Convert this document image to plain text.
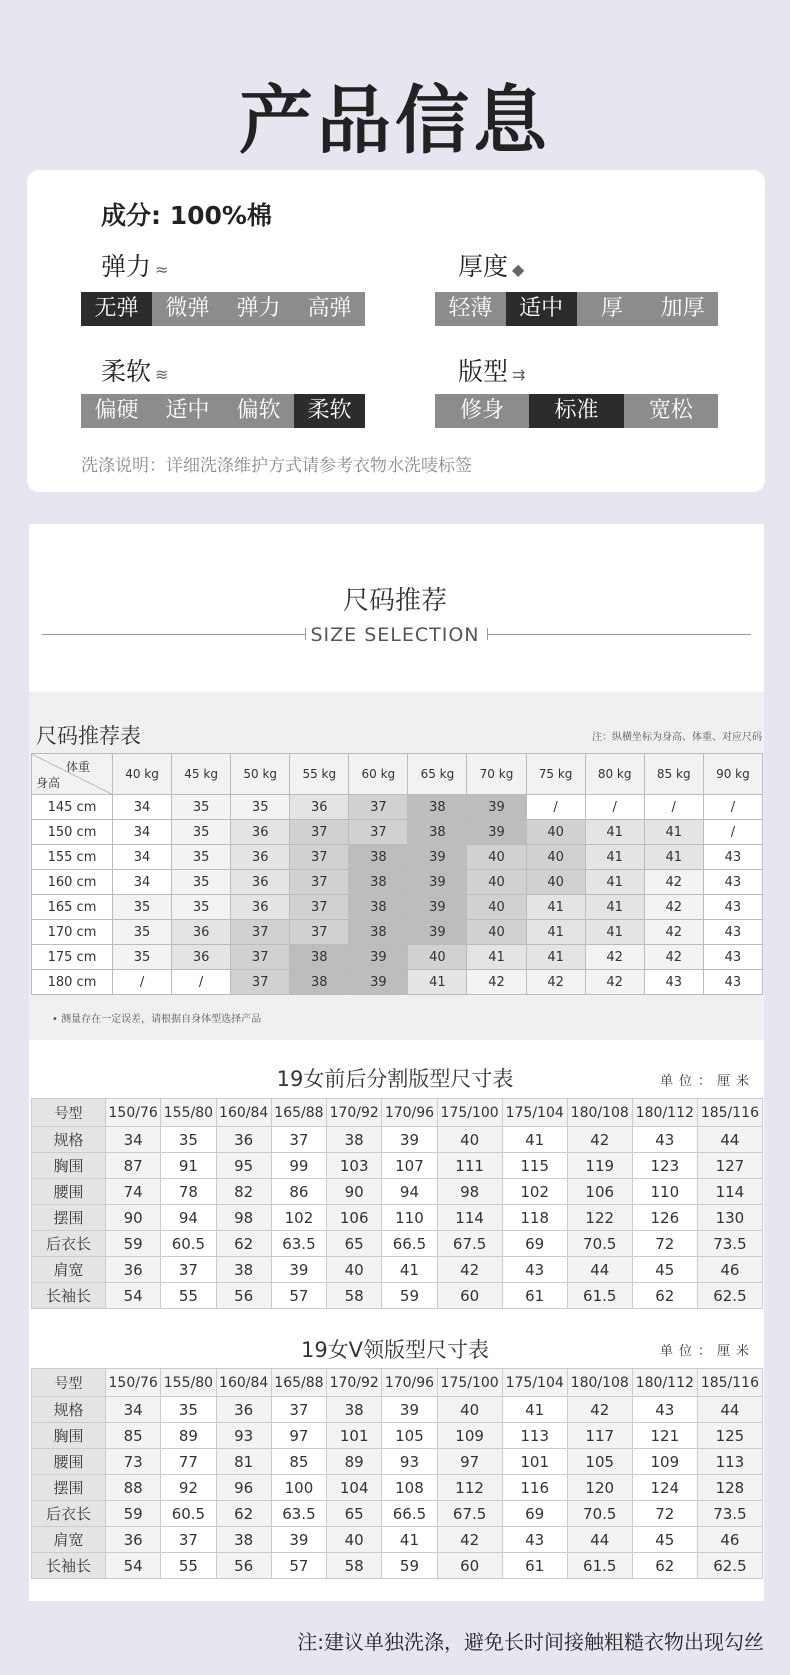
产品信息
成分: 100%棉
弹力 ≈
无弹	微弹	弹力	高弹
厚度 ◆
轻薄	适中	厚	加厚
柔软 ≋
偏硬	适中	偏软	柔软
版型 ⇉
修身	标准	宽松
洗涤说明：详细洗涤维护方式请参考衣物水洗唛标签
尺码推荐
SIZE SELECTION
尺码推荐表	注：纵横坐标为身高、体重、对应尺码
体重
身高	40 kg	45 kg	50 kg	55 kg	60 kg	65 kg	70 kg	75 kg	80 kg	85 kg	90 kg
145 cm	34	35	35	36	37	38	39	/	/	/	/
150 cm	34	35	36	37	37	38	39	40	41	41	/
155 cm	34	35	36	37	38	39	40	40	41	41	43
160 cm	34	35	36	37	38	39	40	40	41	42	43
165 cm	35	35	36	37	38	39	40	41	41	42	43
170 cm	35	36	37	37	38	39	40	41	41	42	43
175 cm	35	36	37	38	39	40	41	41	42	42	43
180 cm	/	/	37	38	39	41	42	42	42	43	43
• 测量存在一定误差，请根据自身体型选择产品
19女前后分割版型尺寸表	单位：厘米
号型	150/76	155/80	160/84	165/88	170/92	170/96	175/100	175/104	180/108	180/112	185/116
规格	34	35	36	37	38	39	40	41	42	43	44
胸围	87	91	95	99	103	107	111	115	119	123	127
腰围	74	78	82	86	90	94	98	102	106	110	114
摆围	90	94	98	102	106	110	114	118	122	126	130
后衣长	59	60.5	62	63.5	65	66.5	67.5	69	70.5	72	73.5
肩宽	36	37	38	39	40	41	42	43	44	45	46
长袖长	54	55	56	57	58	59	60	61	61.5	62	62.5
19女V领版型尺寸表	单位：厘米
号型	150/76	155/80	160/84	165/88	170/92	170/96	175/100	175/104	180/108	180/112	185/116
规格	34	35	36	37	38	39	40	41	42	43	44
胸围	85	89	93	97	101	105	109	113	117	121	125
腰围	73	77	81	85	89	93	97	101	105	109	113
摆围	88	92	96	100	104	108	112	116	120	124	128
后衣长	59	60.5	62	63.5	65	66.5	67.5	69	70.5	72	73.5
肩宽	36	37	38	39	40	41	42	43	44	45	46
长袖长	54	55	56	57	58	59	60	61	61.5	62	62.5
注:建议单独洗涤，避免长时间接触粗糙衣物出现勾丝
